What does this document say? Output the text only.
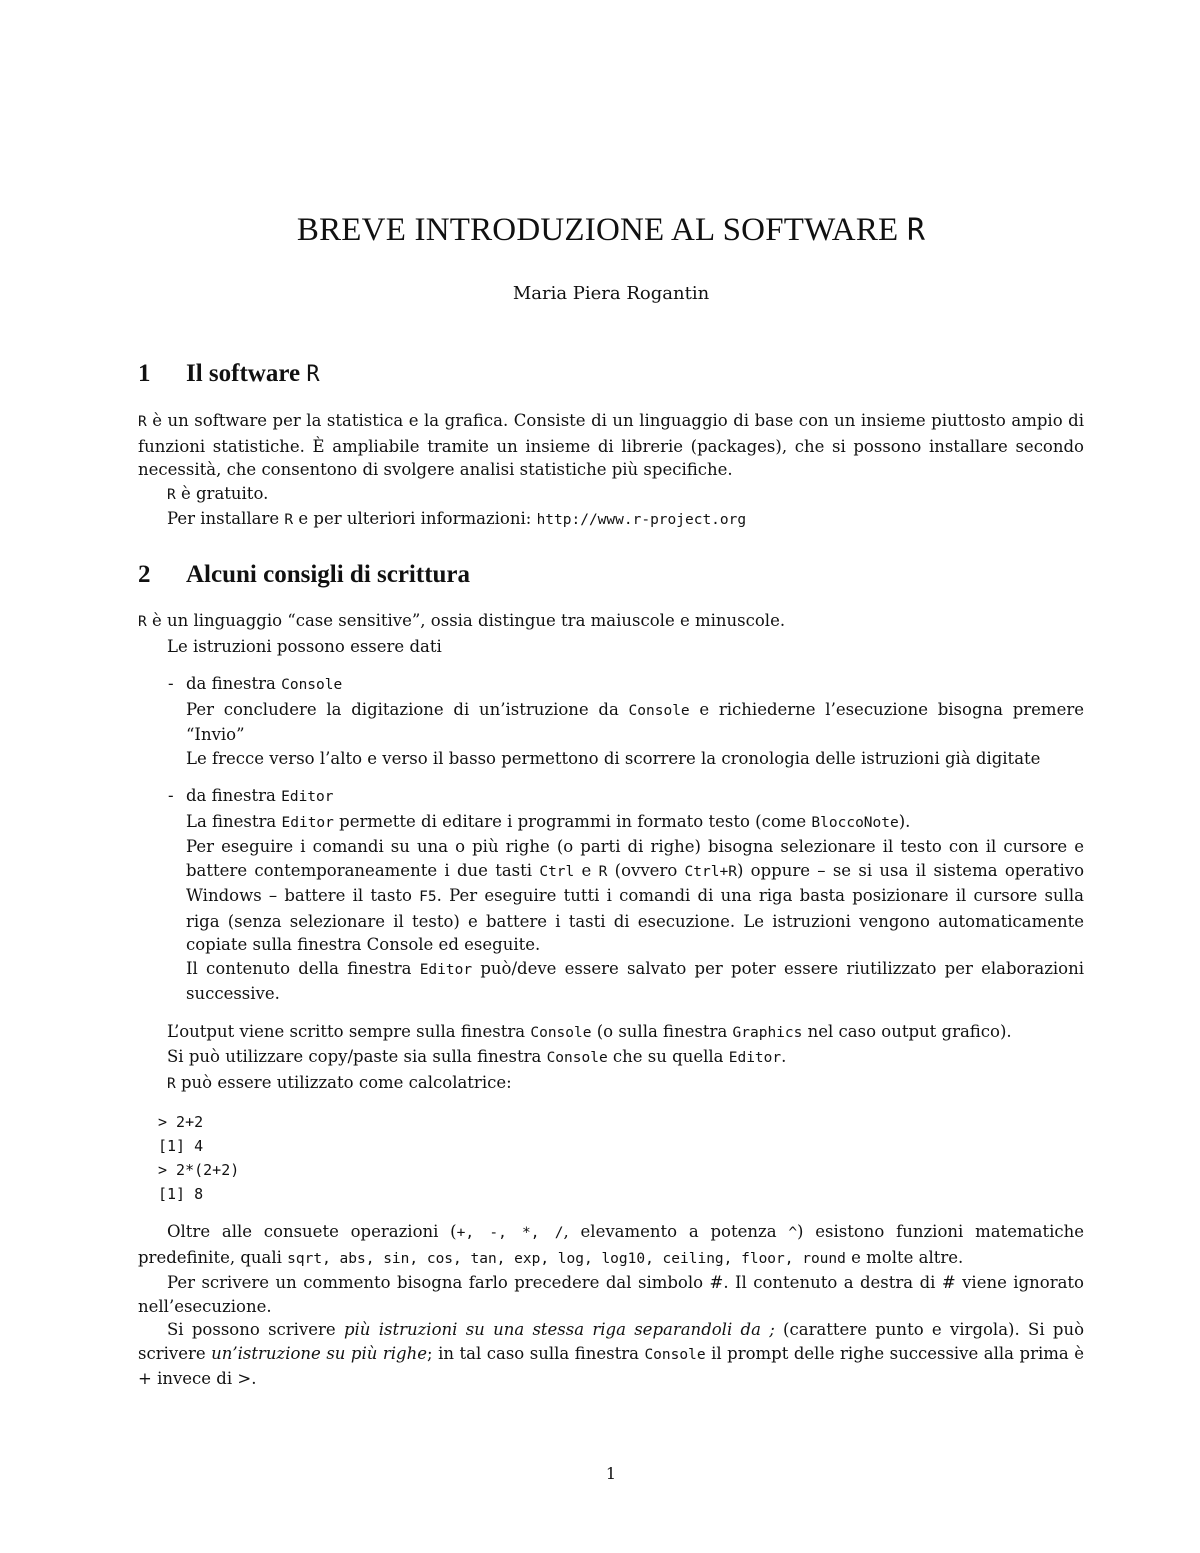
BREVE INTRODUZIONE AL SOFTWARE R
Maria Piera Rogantin
1 Il software R

R è un software per la statistica e la grafica. Consiste di un linguaggio di base con un insieme piuttosto ampio di funzioni statistiche. È ampliabile tramite un insieme di librerie (packages), che si possono installare secondo necessità, che consentono di svolgere analisi statistiche più specifiche.

R è gratuito.

Per installare R e per ulteriori informazioni: http://www.r-project.org

2 Alcuni consigli di scrittura

R è un linguaggio “case sensitive”, ossia distingue tra maiuscole e minuscole.

Le istruzioni possono essere dati

- da finestra Console

Per concludere la digitazione di un’istruzione da Console e richiederne l’esecuzione bisogna premere “Invio”

Le frecce verso l’alto e verso il basso permettono di scorrere la cronologia delle istruzioni già digitate

- da finestra Editor

La finestra Editor permette di editare i programmi in formato testo (come BloccoNote).

Per eseguire i comandi su una o più righe (o parti di righe) bisogna selezionare il testo con il cursore e battere contemporaneamente i due tasti Ctrl e R (ovvero Ctrl+R) oppure – se si usa il sistema operativo Windows – battere il tasto F5. Per eseguire tutti i comandi di una riga basta posizionare il cursore sulla riga (senza selezionare il testo) e battere i tasti di esecuzione. Le istruzioni vengono automaticamente copiate sulla finestra Console ed eseguite.

Il contenuto della finestra Editor può/deve essere salvato per poter essere riutilizzato per elaborazioni successive.

L’output viene scritto sempre sulla finestra Console (o sulla finestra Graphics nel caso output grafico).

Si può utilizzare copy/paste sia sulla finestra Console che su quella Editor.

R può essere utilizzato come calcolatrice:

> 2+2
[1] 4
> 2*(2+2)
[1] 8

Oltre alle consuete operazioni (+, -, *, /, elevamento a potenza ^) esistono funzioni matematiche predefinite, quali sqrt, abs, sin, cos, tan, exp, log, log10, ceiling, floor, round e molte altre.

Per scrivere un commento bisogna farlo precedere dal simbolo #. Il contenuto a destra di # viene ignorato nell’esecuzione.

Si possono scrivere più istruzioni su una stessa riga separandoli da ; (carattere punto e virgola). Si può scrivere un’istruzione su più righe; in tal caso sulla finestra Console il prompt delle righe successive alla prima è + invece di >.

1
